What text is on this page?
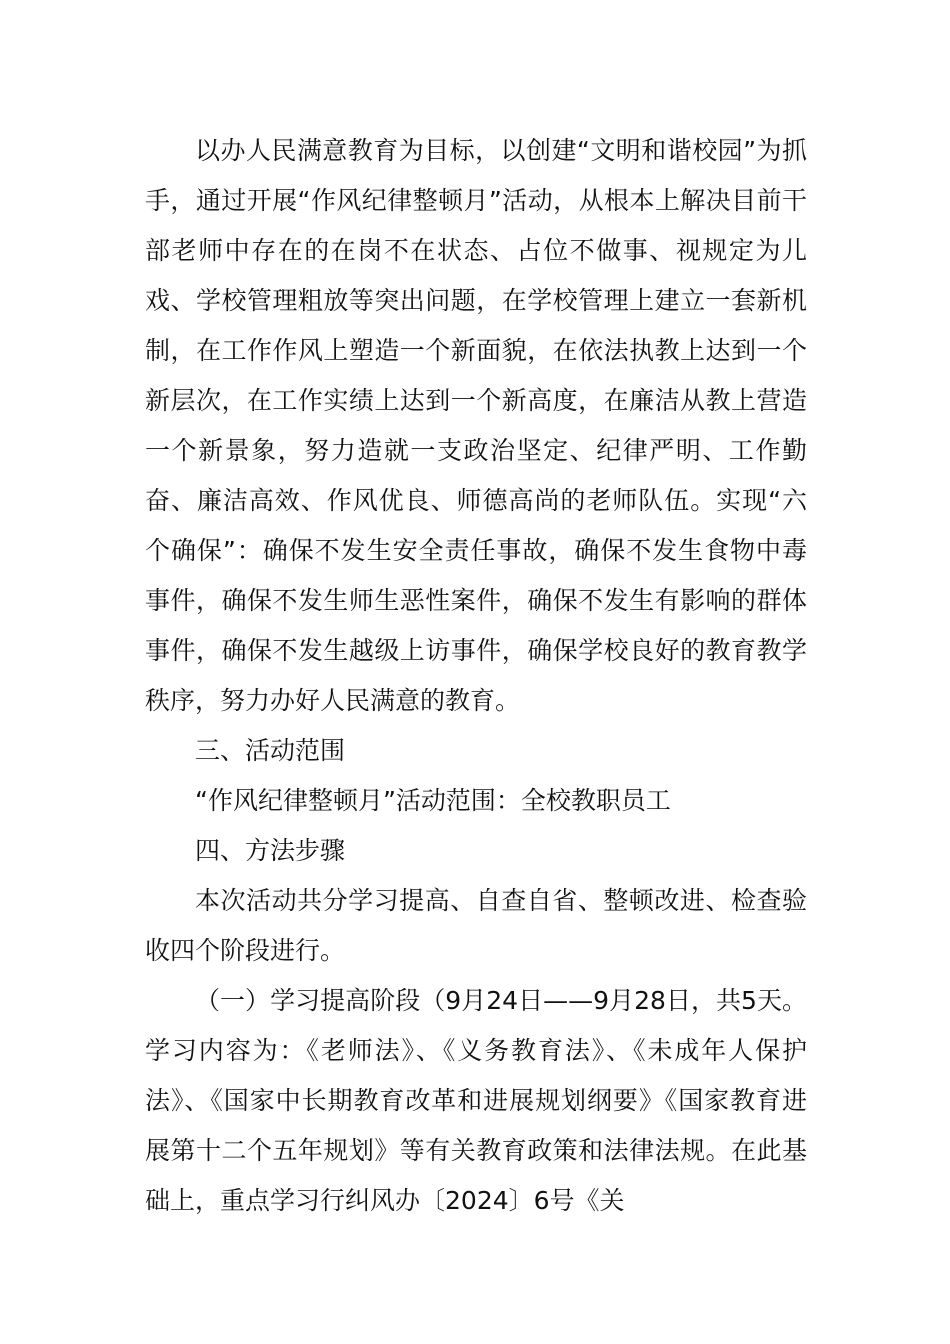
以办人民满意教育为目标，以创建“文明和谐校园”为抓手，通过开展“作风纪律整顿月”活动，从根本上解决目前干部老师中存在的在岗不在状态、占位不做事、视规定为儿戏、学校管理粗放等突出问题，在学校管理上建立一套新机制，在工作作风上塑造一个新面貌，在依法执教上达到一个新层次，在工作实绩上达到一个新高度，在廉洁从教上营造一个新景象，努力造就一支政治坚定、纪律严明、工作勤奋、廉洁高效、作风优良、师德高尚的老师队伍。实现“六个确保”：确保不发生安全责任事故，确保不发生食物中毒事件，确保不发生师生恶性案件，确保不发生有影响的群体事件，确保不发生越级上访事件，确保学校良好的教育教学秩序，努力办好人民满意的教育。

三、活动范围

“作风纪律整顿月”活动范围：全校教职员工

四、方法步骤

本次活动共分学习提高、自查自省、整顿改进、检查验收四个阶段进行。

（一）学习提高阶段（9月24日——9月28日，共5天。学习内容为：《老师法》、《义务教育法》、《未成年人保护法》、《国家中长期教育改革和进展规划纲要》《国家教育进展第十二个五年规划》等有关教育政策和法律法规。在此基础上，重点学习行纠风办〔2024〕6号《关
